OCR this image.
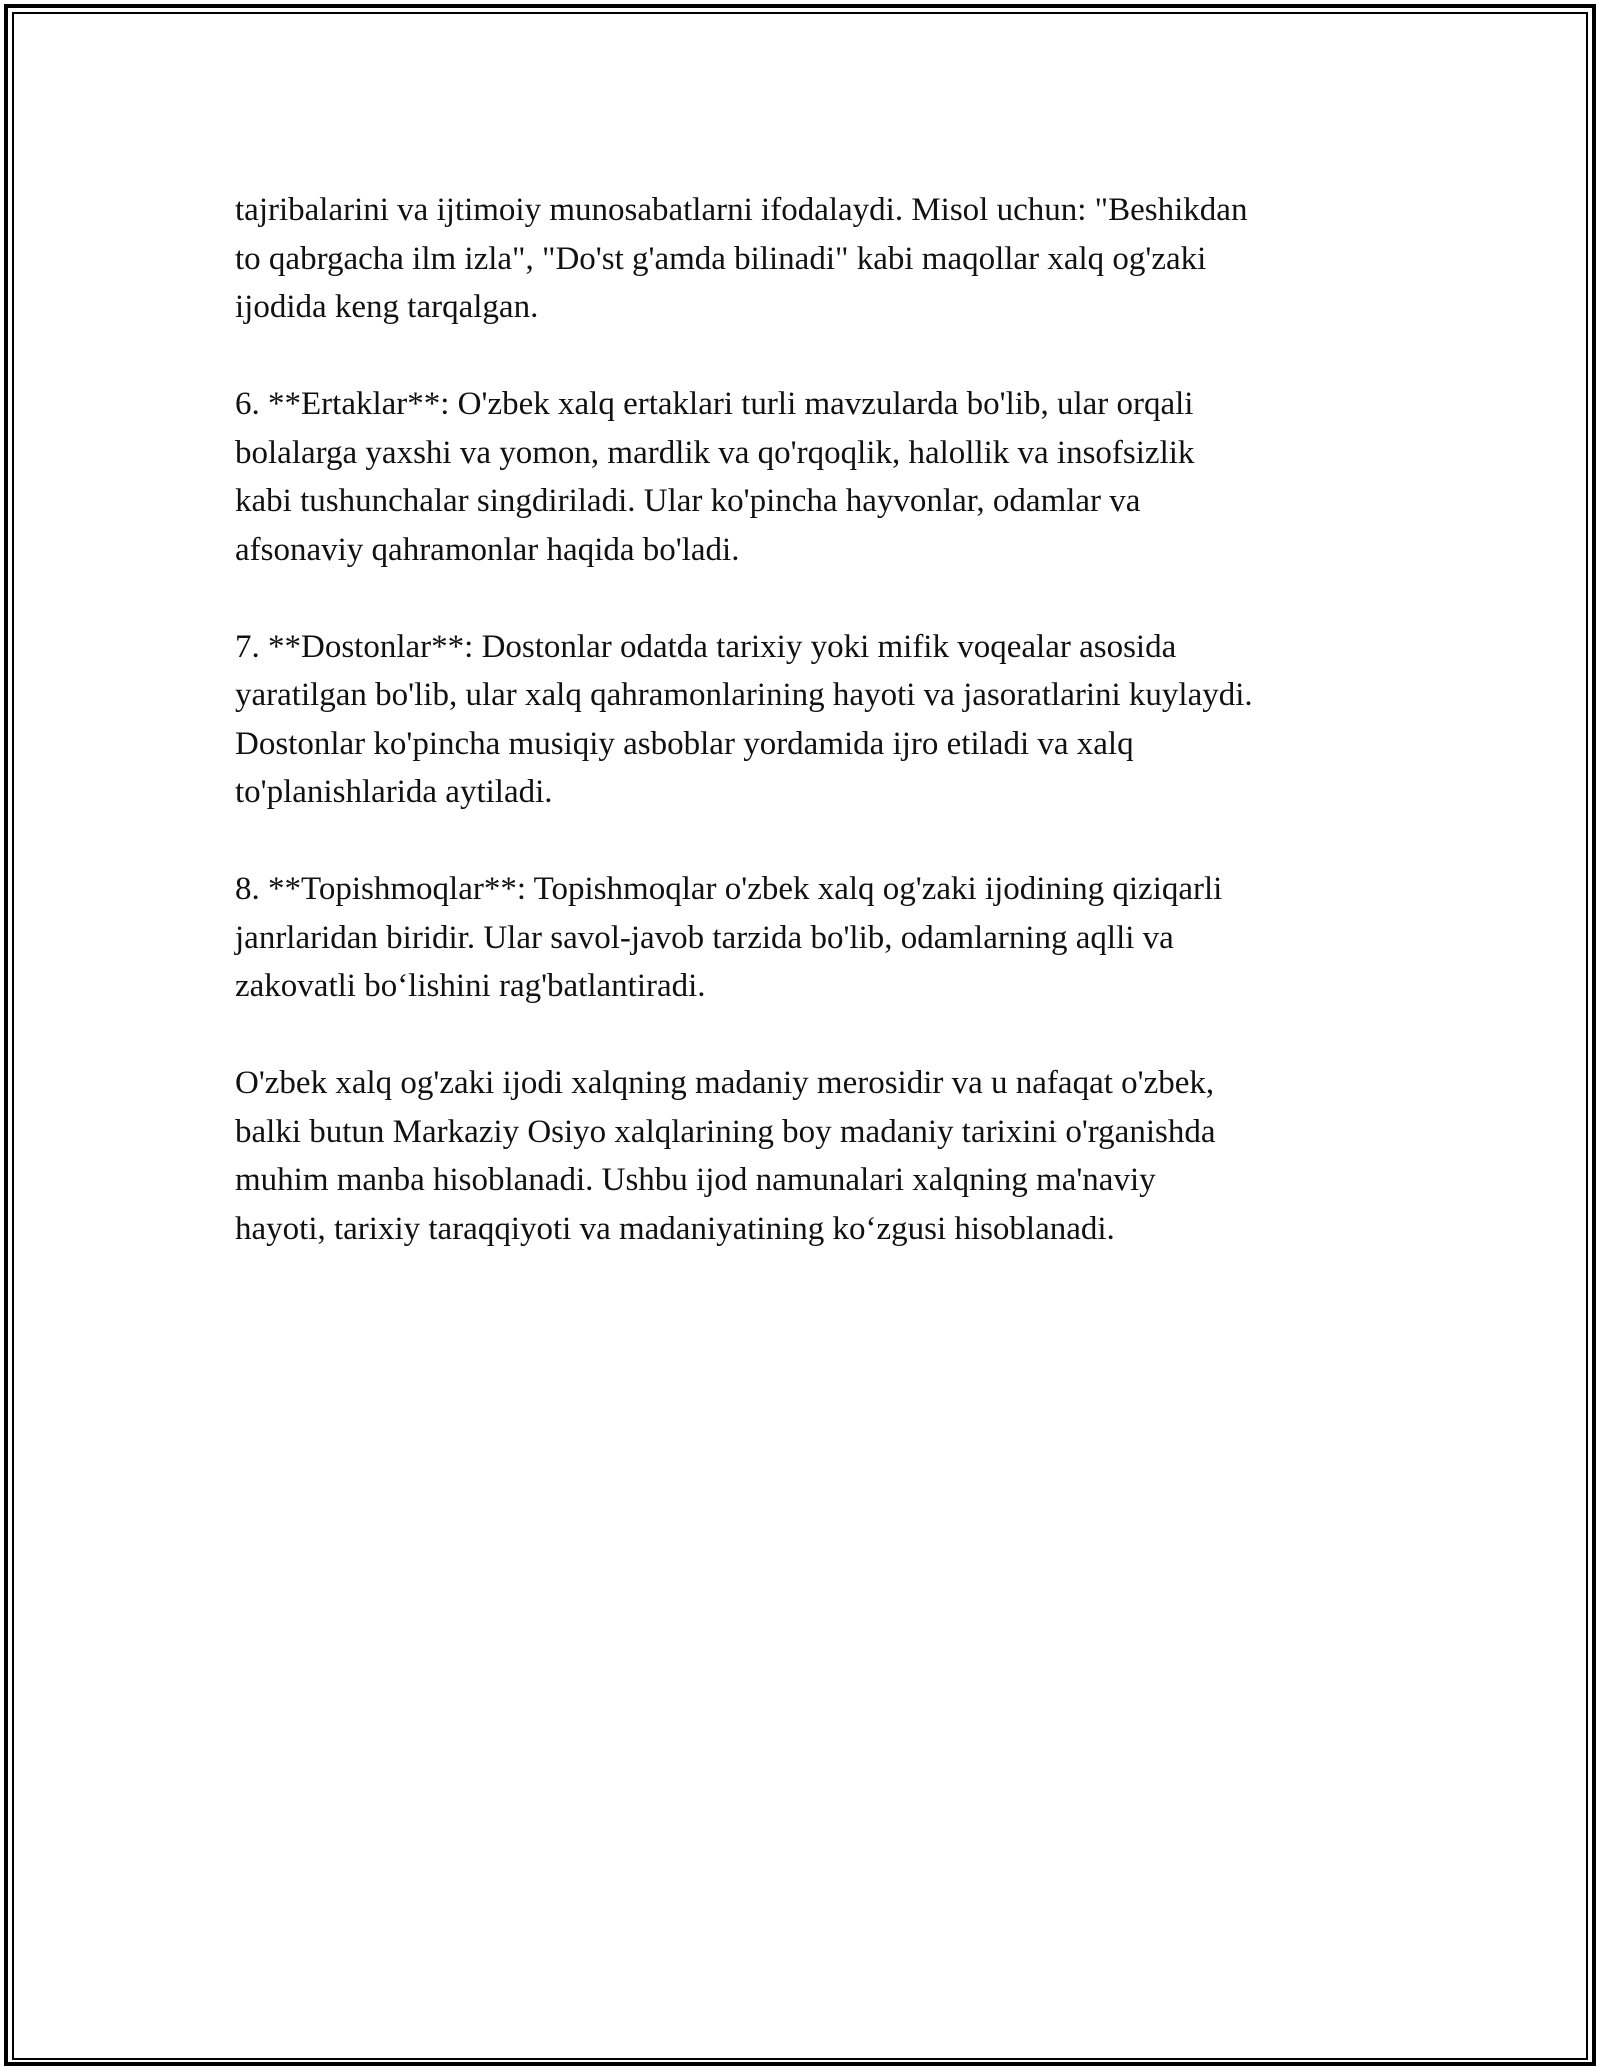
tajribalarini va ijtimoiy munosabatlarni ifodalaydi. Misol uchun: "Beshikdan
to qabrgacha ilm izla", "Do'st g'amda bilinadi" kabi maqollar xalq og'zaki
ijodida keng tarqalgan.

6. **Ertaklar**: O'zbek xalq ertaklari turli mavzularda bo'lib, ular orqali
bolalarga yaxshi va yomon, mardlik va qo'rqoqlik, halollik va insofsizlik
kabi tushunchalar singdiriladi. Ular ko'pincha hayvonlar, odamlar va
afsonaviy qahramonlar haqida bo'ladi.

7. **Dostonlar**: Dostonlar odatda tarixiy yoki mifik voqealar asosida
yaratilgan bo'lib, ular xalq qahramonlarining hayoti va jasoratlarini kuylaydi.
Dostonlar ko'pincha musiqiy asboblar yordamida ijro etiladi va xalq
to'planishlarida aytiladi.

8. **Topishmoqlar**: Topishmoqlar o'zbek xalq og'zaki ijodining qiziqarli
janrlaridan biridir. Ular savol-javob tarzida bo'lib, odamlarning aqlli va
zakovatli bo‘lishini rag'batlantiradi.

O'zbek xalq og'zaki ijodi xalqning madaniy merosidir va u nafaqat o'zbek,
balki butun Markaziy Osiyo xalqlarining boy madaniy tarixini o'rganishda
muhim manba hisoblanadi. Ushbu ijod namunalari xalqning ma'naviy
hayoti, tarixiy taraqqiyoti va madaniyatining ko‘zgusi hisoblanadi.
